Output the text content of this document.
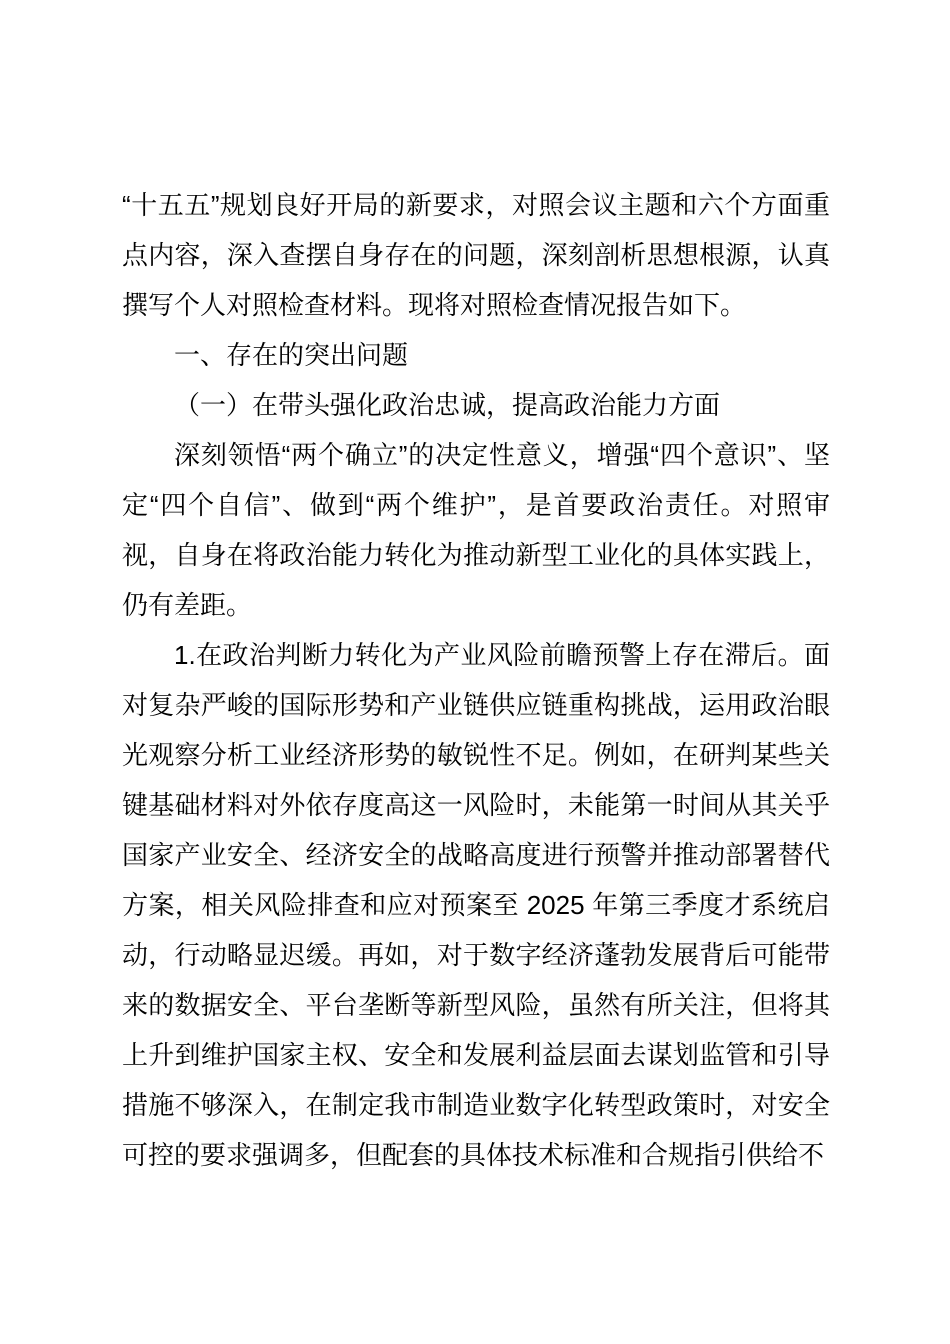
“十五五”规划良好开局的新要求，对照会议主题和六个方面重点内容，深入查摆自身存在的问题，深刻剖析思想根源，认真撰写个人对照检查材料。现将对照检查情况报告如下。

一、存在的突出问题

（一）在带头强化政治忠诚，提高政治能力方面

深刻领悟“两个确立”的决定性意义，增强“四个意识”、坚定“四个自信”、做到“两个维护”，是首要政治责任。对照审视，自身在将政治能力转化为推动新型工业化的具体实践上，仍有差距。

1.在政治判断力转化为产业风险前瞻预警上存在滞后。面对复杂严峻的国际形势和产业链供应链重构挑战，运用政治眼光观察分析工业经济形势的敏锐性不足。例如，在研判某些关键基础材料对外依存度高这一风险时，未能第一时间从其关乎国家产业安全、经济安全的战略高度进行预警并推动部署替代方案，相关风险排查和应对预案至 2025 年第三季度才系统启动，行动略显迟缓。再如，对于数字经济蓬勃发展背后可能带来的数据安全、平台垄断等新型风险，虽然有所关注，但将其上升到维护国家主权、安全和发展利益层面去谋划监管和引导措施不够深入，在制定我市制造业数字化转型政策时，对安全可控的要求强调多，但配套的具体技术标准和合规指引供给不
